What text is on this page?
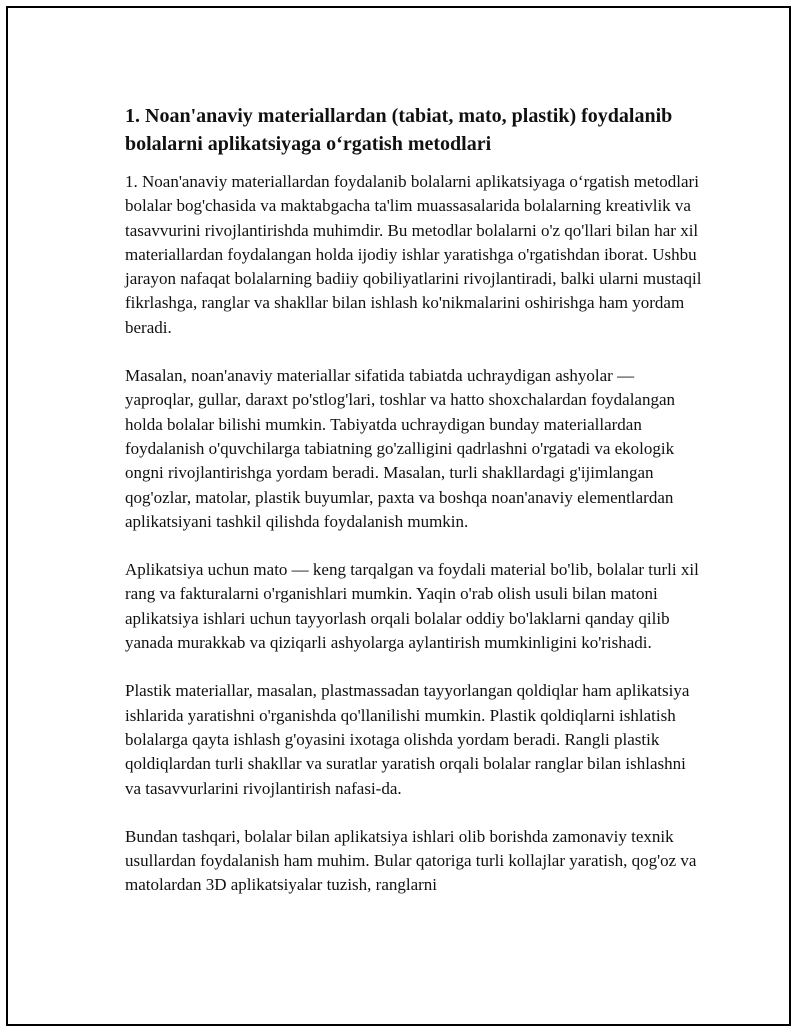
1. Noan'anaviy materiallardan (tabiat, mato, plastik) foydalanib bolalarni aplikatsiyaga o‘rgatish metodlari

1. Noan'anaviy materiallardan foydalanib bolalarni aplikatsiyaga o‘rgatish metodlari bolalar bog'chasida va maktabgacha ta'lim muassasalarida bolalarning kreativlik va tasavvurini rivojlantirishda muhimdir. Bu metodlar bolalarni o'z qo'llari bilan har xil materiallardan foydalangan holda ijodiy ishlar yaratishga o'rgatishdan iborat. Ushbu jarayon nafaqat bolalarning badiiy qobiliyatlarini rivojlantiradi, balki ularni mustaqil fikrlashga, ranglar va shakllar bilan ishlash ko'nikmalarini oshirishga ham yordam beradi.

Masalan, noan'anaviy materiallar sifatida tabiatda uchraydigan ashyolar — yaproqlar, gullar, daraxt po'stlog'lari, toshlar va hatto shoxchalardan foydalangan holda bolalar bilishi mumkin. Tabiyatda uchraydigan bunday materiallardan foydalanish o'quvchilarga tabiatning go'zalligini qadrlashni o'rgatadi va ekologik ongni rivojlantirishga yordam beradi. Masalan, turli shakllardagi g'ijimlangan qog'ozlar, matolar, plastik buyumlar, paxta va boshqa noan'anaviy elementlardan aplikatsiyani tashkil qilishda foydalanish mumkin.

Aplikatsiya uchun mato — keng tarqalgan va foydali material bo'lib, bolalar turli xil rang va fakturalarni o'rganishlari mumkin. Yaqin o'rab olish usuli bilan matoni aplikatsiya ishlari uchun tayyorlash orqali bolalar oddiy bo'laklarni qanday qilib yanada murakkab va qiziqarli ashyolarga aylantirish mumkinligini ko'rishadi.

Plastik materiallar, masalan, plastmassadan tayyorlangan qoldiqlar ham aplikatsiya ishlarida yaratishni o'rganishda qo'llanilishi mumkin. Plastik qoldiqlarni ishlatish bolalarga qayta ishlash g'oyasini ixotaga olishda yordam beradi. Rangli plastik qoldiqlardan turli shakllar va suratlar yaratish orqali bolalar ranglar bilan ishlashni va tasavvurlarini rivojlantirish nafasi-da.

Bundan tashqari, bolalar bilan aplikatsiya ishlari olib borishda zamonaviy texnik usullardan foydalanish ham muhim. Bular qatoriga turli kollajlar yaratish, qog'oz va matolardan 3D aplikatsiyalar tuzish, ranglarni
